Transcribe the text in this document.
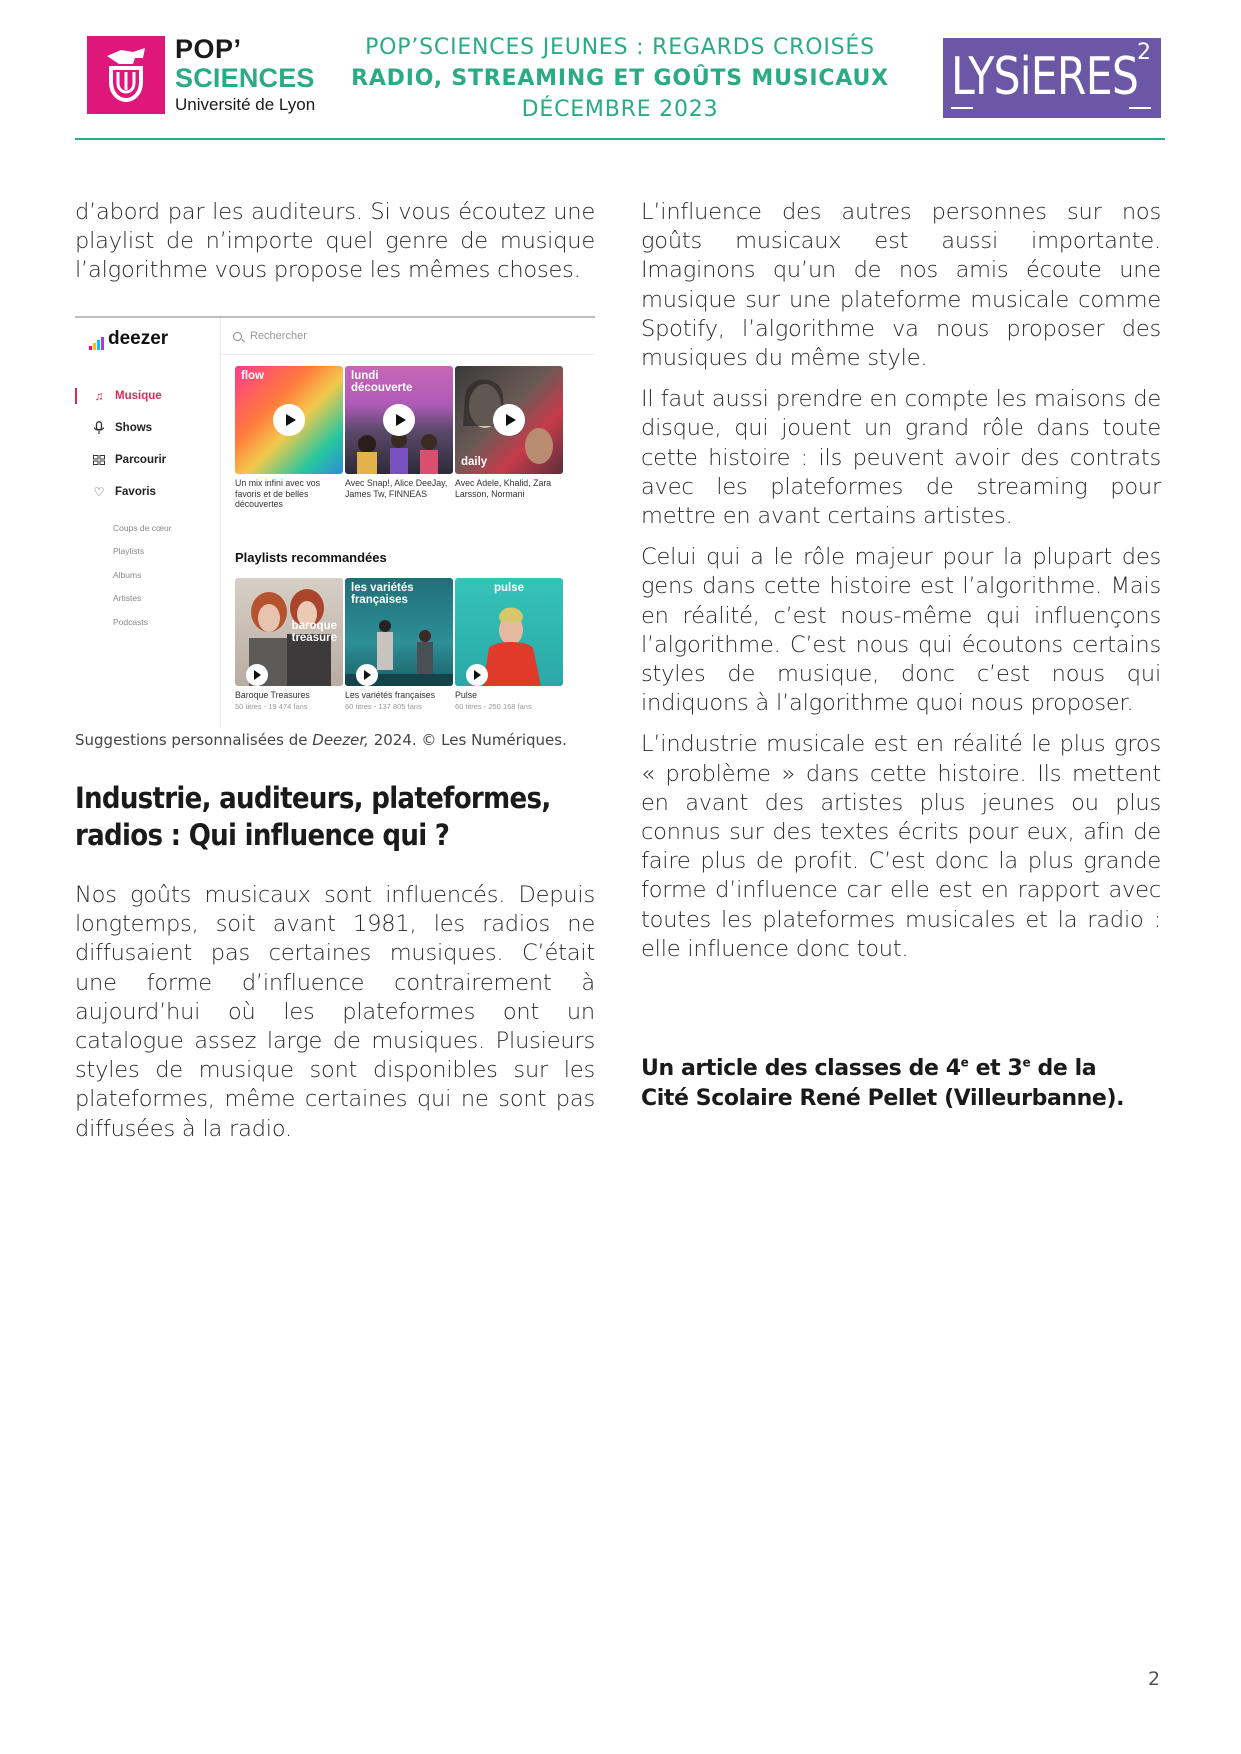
POP’
SCIENCES
Université de Lyon
POP’SCIENCES JEUNES : REGARDS CROISÉS
RADIO, STREAMING ET GOÛTS MUSICAUX
DÉCEMBRE 2023
LYSiERES
2

d’abord par les auditeurs. Si vous écoutez une playlist de n’importe quel genre de musique l’algorithme vous propose les mêmes choses.

deezer
♫	Musique
Shows
Parcourir
♡ Favoris
Coups de cœur
Playlists
Albums
Artistes
Podcasts
Rechercher
flow
Un mix infini avec vos favoris et de belles découvertes
lundi découverte
Avec Snap!, Alice DeeJay, James Tw, FINNEAS
daily
Avec Adele, Khalid, Zara Larsson, Normani
Playlists recommandées
baroque treasure
Baroque Treasures
50 titres - 19 474 fans
les variétés françaises
Les variétés françaises
60 titres - 137 805 fans
pulse
Pulse
60 titres - 250 168 fans
Suggestions personnalisées de Deezer, 2024. © Les Numériques.
Industrie, auditeurs, plateformes, radios : Qui influence qui ?

Nos goûts musicaux sont influencés. Depuis longtemps, soit avant 1981, les radios ne diffusaient pas certaines musiques. C’était une forme d’influence contrairement à aujourd’hui où les plateformes ont un catalogue assez large de musiques. Plusieurs styles de musique sont disponibles sur les plateformes, même certaines qui ne sont pas diffusées à la radio.

L’influence des autres personnes sur nos goûts musicaux est aussi importante. Imaginons qu’un de nos amis écoute une musique sur une plateforme musicale comme Spotify, l’algorithme va nous proposer des musiques du même style.

Il faut aussi prendre en compte les maisons de disque, qui jouent un grand rôle dans toute cette histoire : ils peuvent avoir des contrats avec les plateformes de streaming pour mettre en avant certains artistes.

Celui qui a le rôle majeur pour la plupart des gens dans cette histoire est l’algorithme. Mais en réalité, c’est nous-même qui influençons l’algorithme. C’est nous qui écoutons certains styles de musique, donc c’est nous qui indiquons à l’algorithme quoi nous proposer.

L’industrie musicale est en réalité le plus gros « problème » dans cette histoire. Ils mettent en avant des artistes plus jeunes ou plus connus sur des textes écrits pour eux, afin de faire plus de profit. C’est donc la plus grande forme d’influence car elle est en rapport avec toutes les plateformes musicales et la radio : elle influence donc tout.

Un article des classes de 4e et 3e de la
Cité Scolaire René Pellet (Villeurbanne).
2
